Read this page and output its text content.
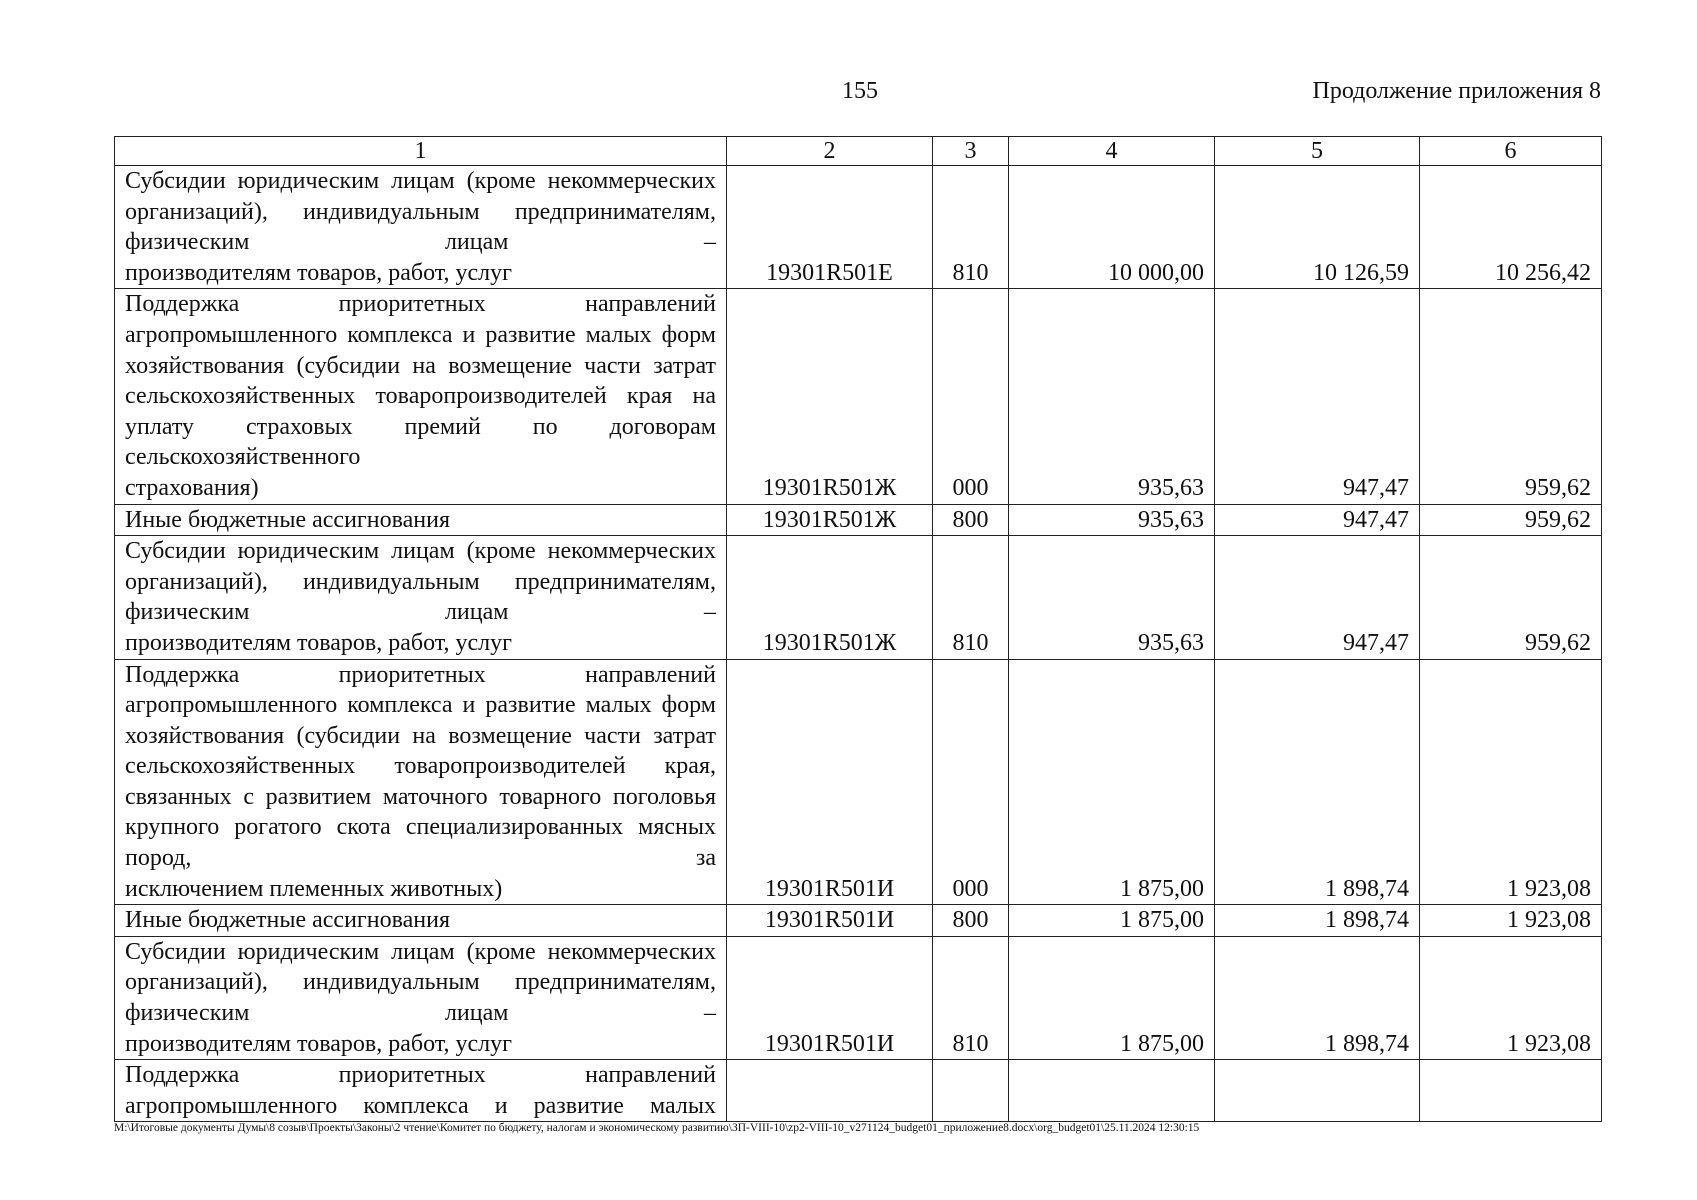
155	Продолжение приложения 8
1	2	3	4	5	6
Субсидии юридическим лицам (кроме некоммерческих организаций), индивидуальным предпринимателям, физическим лицам –
производителям товаров, работ, услуг	19301R501Е	810	10 000,00	10 126,59	10 256,42
Поддержка приоритетных направлений агропромышленного комплекса и развитие малых форм хозяйствования (субсидии на возмещение части затрат сельскохозяйственных товаропроизводителей края на уплату страховых премий по договорам сельскохозяйственного
страхования)	19301R501Ж	000	935,63	947,47	959,62
Иные бюджетные ассигнования	19301R501Ж	800	935,63	947,47	959,62
Субсидии юридическим лицам (кроме некоммерческих организаций), индивидуальным предпринимателям, физическим лицам –
производителям товаров, работ, услуг	19301R501Ж	810	935,63	947,47	959,62
Поддержка приоритетных направлений агропромышленного комплекса и развитие малых форм хозяйствования (субсидии на возмещение части затрат сельскохозяйственных товаропроизводителей края, связанных с развитием маточного товарного поголовья крупного рогатого скота специализированных мясных пород, за
исключением племенных животных)	19301R501И	000	1 875,00	1 898,74	1 923,08
Иные бюджетные ассигнования	19301R501И	800	1 875,00	1 898,74	1 923,08
Субсидии юридическим лицам (кроме некоммерческих организаций), индивидуальным предпринимателям, физическим лицам –
производителям товаров, работ, услуг	19301R501И	810	1 875,00	1 898,74	1 923,08
Поддержка приоритетных направлений агропромышленного комплекса и развитие малых

M:\Итоговые документы Думы\8 созыв\Проекты\Законы\2 чтение\Комитет по бюджету, налогам и экономическому развитию\ЗП-VIII-10\zp2-VIII-10_v271124_budget01_приложение8.docx\org_budget01\25.11.2024 12:30:15
